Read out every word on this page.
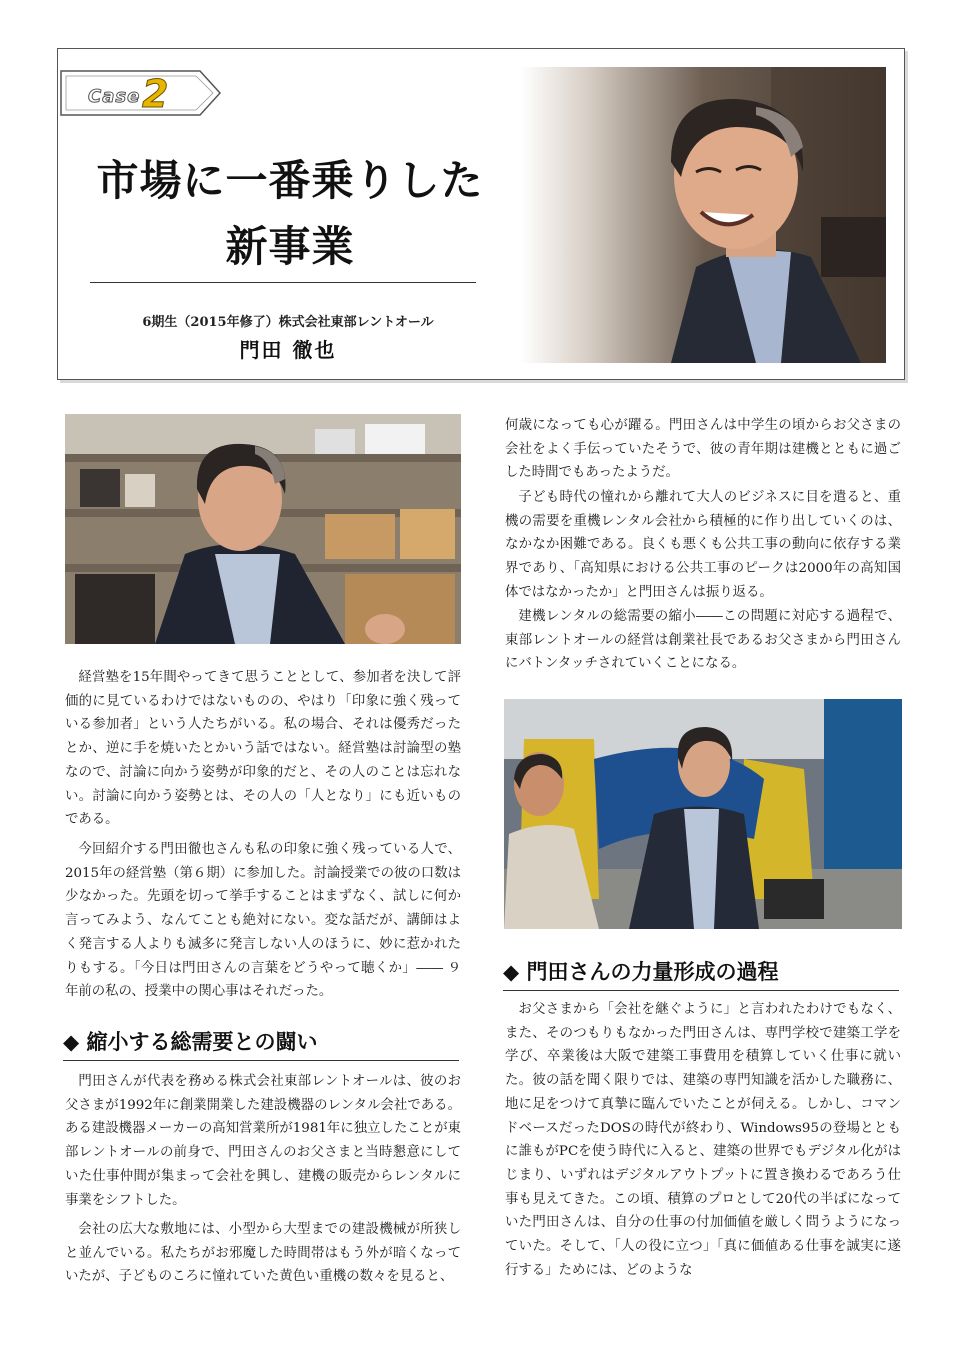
Case 2
市場に一番乗りした
新事業
6期生（2015年修了）株式会社東部レントオール
門田 徹也

経営塾を15年間やってきて思うこととして、参加者を決して評価的に見ているわけではないものの、やはり「印象に強く残っている参加者」という人たちがいる。私の場合、それは優秀だったとか、逆に手を焼いたとかいう話ではない。経営塾は討論型の塾なので、討論に向かう姿勢が印象的だと、その人のことは忘れない。討論に向かう姿勢とは、その人の「人となり」にも近いものである。

今回紹介する門田徹也さんも私の印象に強く残っている人で、2015年の経営塾（第６期）に参加した。討論授業での彼の口数は少なかった。先頭を切って挙手することはまずなく、試しに何か言ってみよう、なんてことも絶対にない。変な話だが、講師はよく発言する人よりも滅多に発言しない人のほうに、妙に惹かれたりもする。「今日は門田さんの言葉をどうやって聴くか」―― ９年前の私の、授業中の関心事はそれだった。

◆ 縮小する総需要との闘い

門田さんが代表を務める株式会社東部レントオールは、彼のお父さまが1992年に創業開業した建設機器のレンタル会社である。ある建設機器メーカーの高知営業所が1981年に独立したことが東部レントオールの前身で、門田さんのお父さまと当時懇意にしていた仕事仲間が集まって会社を興し、建機の販売からレンタルに事業をシフトした。

会社の広大な敷地には、小型から大型までの建設機械が所狭しと並んでいる。私たちがお邪魔した時間帯はもう外が暗くなっていたが、子どものころに憧れていた黄色い重機の数々を見ると、

何歳になっても心が躍る。門田さんは中学生の頃からお父さまの会社をよく手伝っていたそうで、彼の青年期は建機とともに過ごした時間でもあったようだ。

子ども時代の憧れから離れて大人のビジネスに目を遣ると、重機の需要を重機レンタル会社から積極的に作り出していくのは、なかなか困難である。良くも悪くも公共工事の動向に依存する業界であり、「高知県における公共工事のピークは2000年の高知国体ではなかったか」と門田さんは振り返る。

建機レンタルの総需要の縮小――この問題に対応する過程で、東部レントオールの経営は創業社長であるお父さまから門田さんにバトンタッチされていくことになる。

◆ 門田さんの力量形成の過程

お父さまから「会社を継ぐように」と言われたわけでもなく、また、そのつもりもなかった門田さんは、専門学校で建築工学を学び、卒業後は大阪で建築工事費用を積算していく仕事に就いた。彼の話を聞く限りでは、建築の専門知識を活かした職務に、地に足をつけて真摯に臨んでいたことが伺える。しかし、コマンドベースだったDOSの時代が終わり、Windows95の登場とともに誰もがPCを使う時代に入ると、建築の世界でもデジタル化がはじまり、いずれはデジタルアウトプットに置き換わるであろう仕事も見えてきた。この頃、積算のプロとして20代の半ばになっていた門田さんは、自分の仕事の付加価値を厳しく問うようになっていた。そして、「人の役に立つ」「真に価値ある仕事を誠実に遂行する」ためには、どのような
